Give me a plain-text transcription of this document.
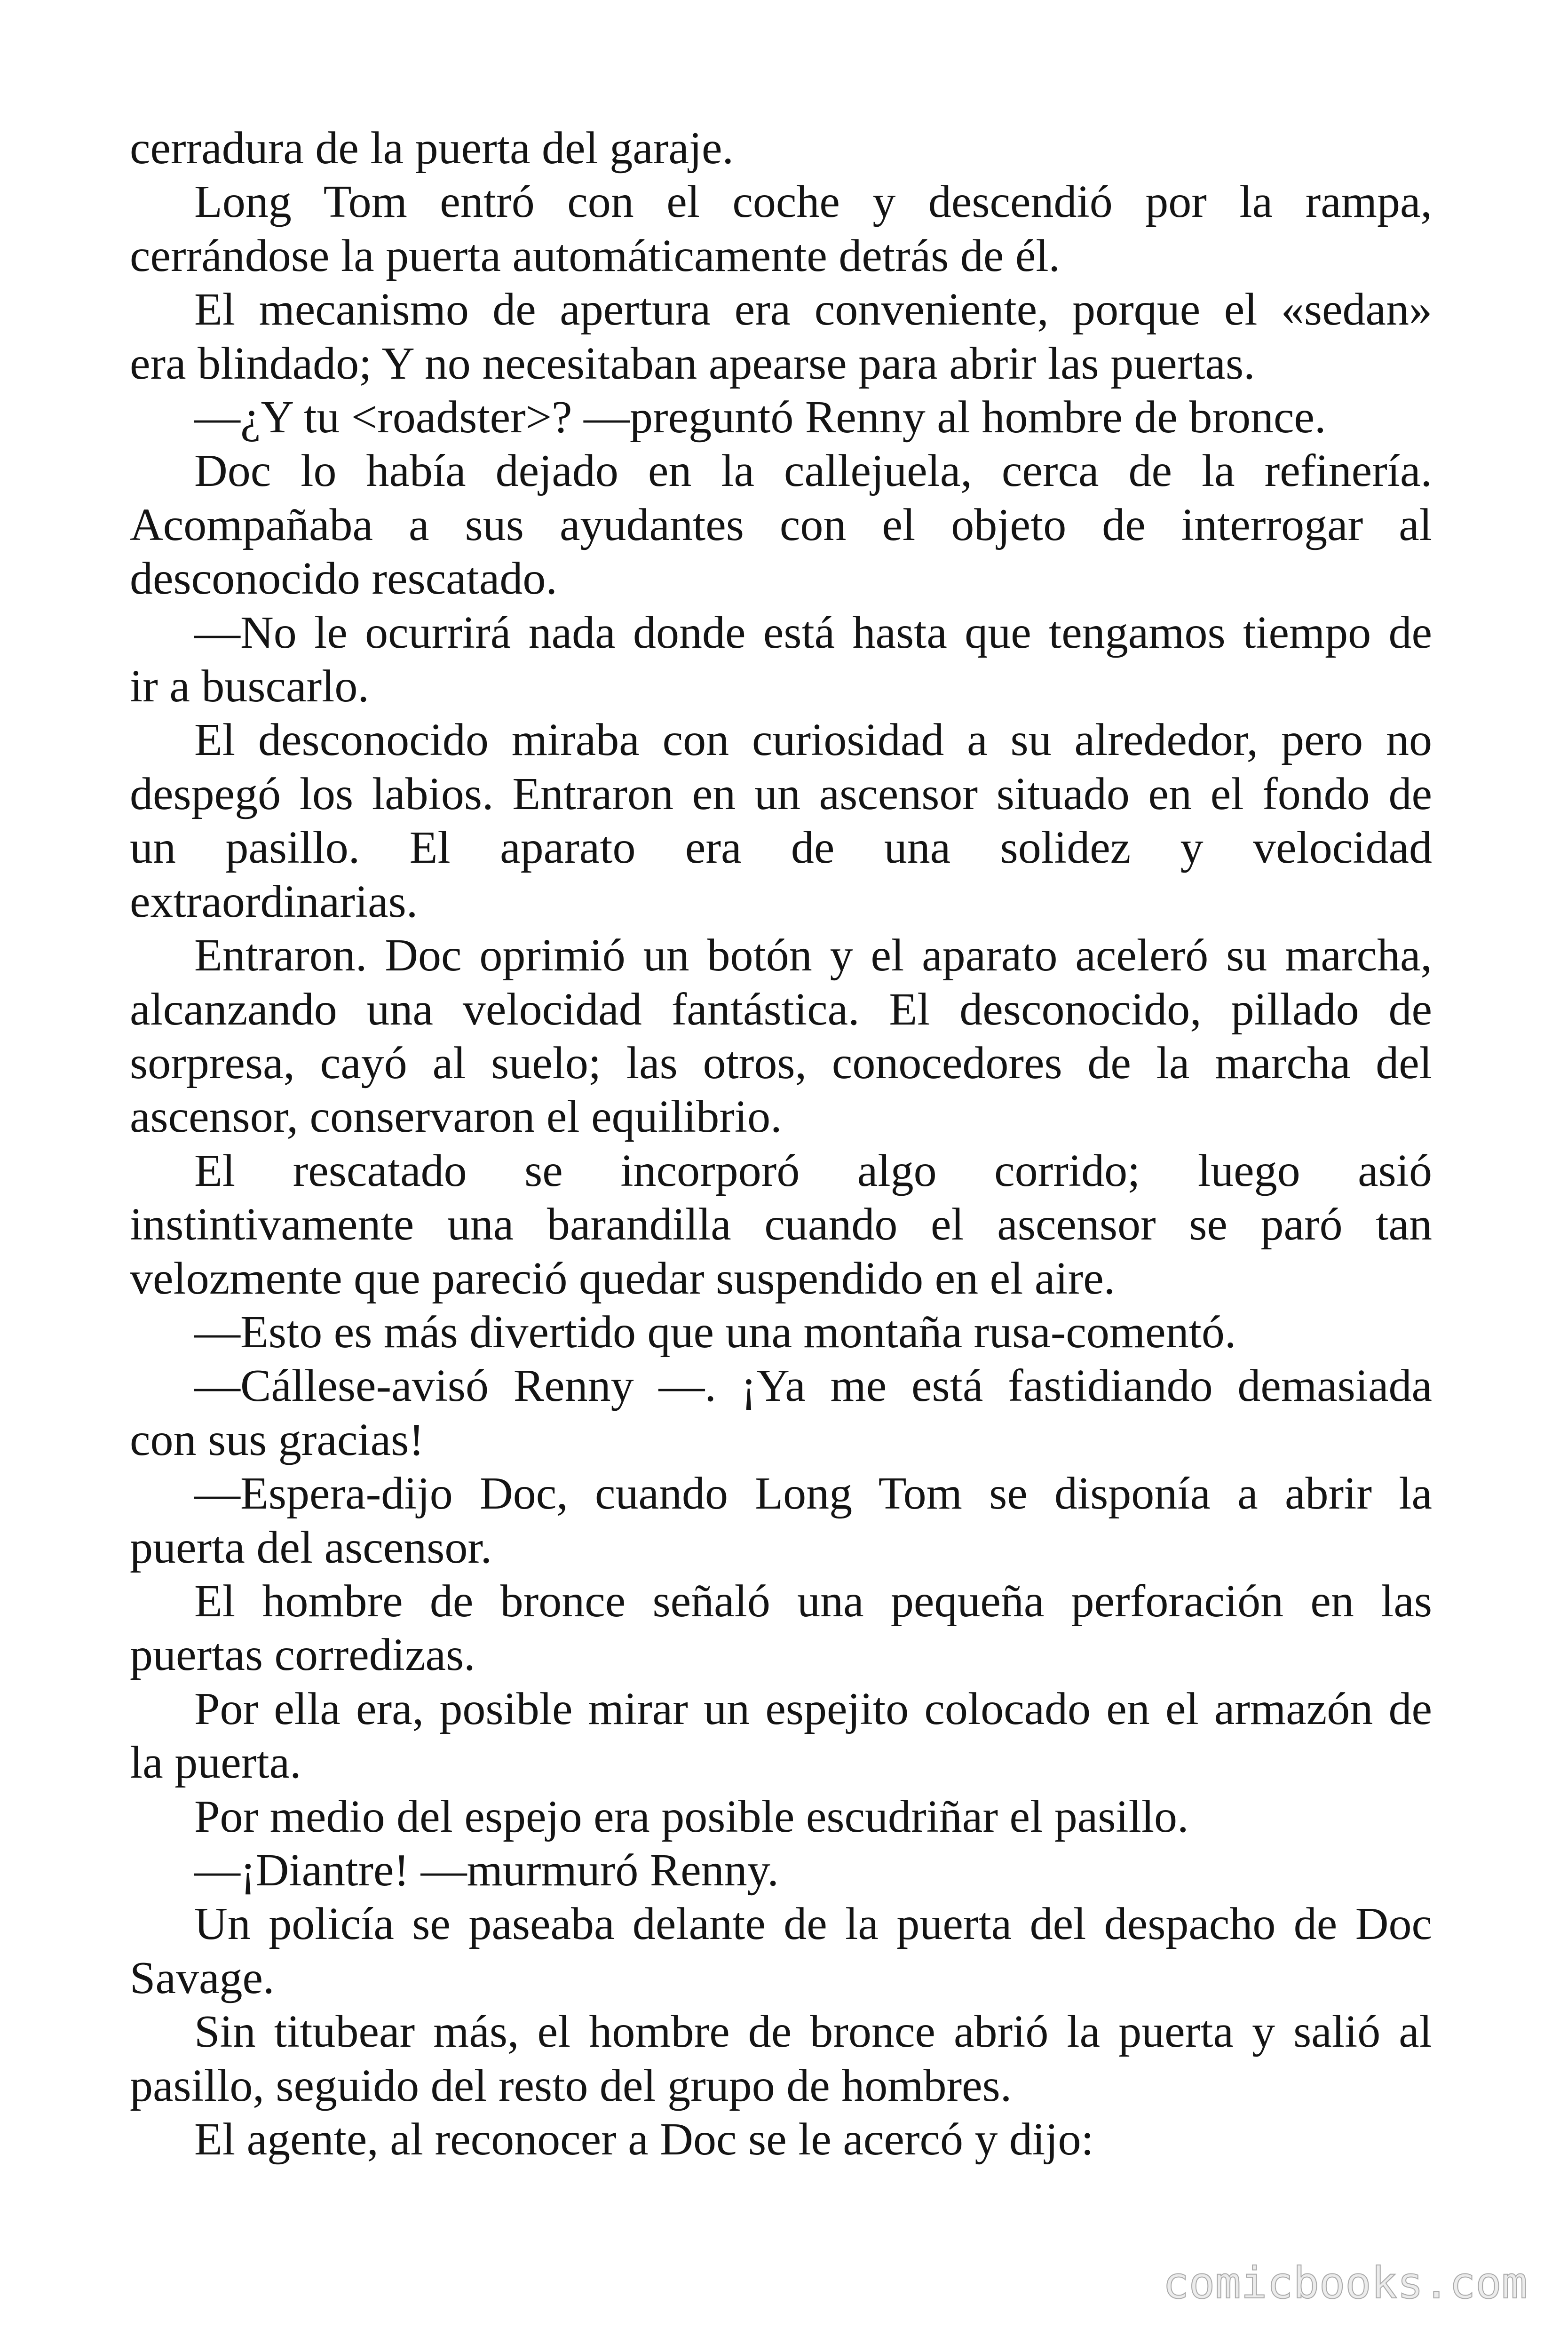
cerradura de la puerta del garaje.
Long Tom entró con el coche y descendió por la rampa,
cerrándose la puerta automáticamente detrás de él.
El mecanismo de apertura era conveniente, porque el «sedan»
era blindado; Y no necesitaban apearse para abrir las puertas.
—¿Y tu <roadster>? —preguntó Renny al hombre de bronce.
Doc lo había dejado en la callejuela, cerca de la refinería.
Acompañaba a sus ayudantes con el objeto de interrogar al
desconocido rescatado.
—No le ocurrirá nada donde está hasta que tengamos tiempo de
ir a buscarlo.
El desconocido miraba con curiosidad a su alrededor, pero no
despegó los labios. Entraron en un ascensor situado en el fondo de
un pasillo. El aparato era de una solidez y velocidad
extraordinarias.
Entraron. Doc oprimió un botón y el aparato aceleró su marcha,
alcanzando una velocidad fantástica. El desconocido, pillado de
sorpresa, cayó al suelo; las otros, conocedores de la marcha del
ascensor, conservaron el equilibrio.
El rescatado se incorporó algo corrido; luego asió
instintivamente una barandilla cuando el ascensor se paró tan
velozmente que pareció quedar suspendido en el aire.
—Esto es más divertido que una montaña rusa-comentó.
—Cállese-avisó Renny —. ¡Ya me está fastidiando demasiada
con sus gracias!
—Espera-dijo Doc, cuando Long Tom se disponía a abrir la
puerta del ascensor.
El hombre de bronce señaló una pequeña perforación en las
puertas corredizas.
Por ella era, posible mirar un espejito colocado en el armazón de
la puerta.
Por medio del espejo era posible escudriñar el pasillo.
—¡Diantre! —murmuró Renny.
Un policía se paseaba delante de la puerta del despacho de Doc
Savage.
Sin titubear más, el hombre de bronce abrió la puerta y salió al
pasillo, seguido del resto del grupo de hombres.
El agente, al reconocer a Doc se le acercó y dijo:
comicbooks.com
